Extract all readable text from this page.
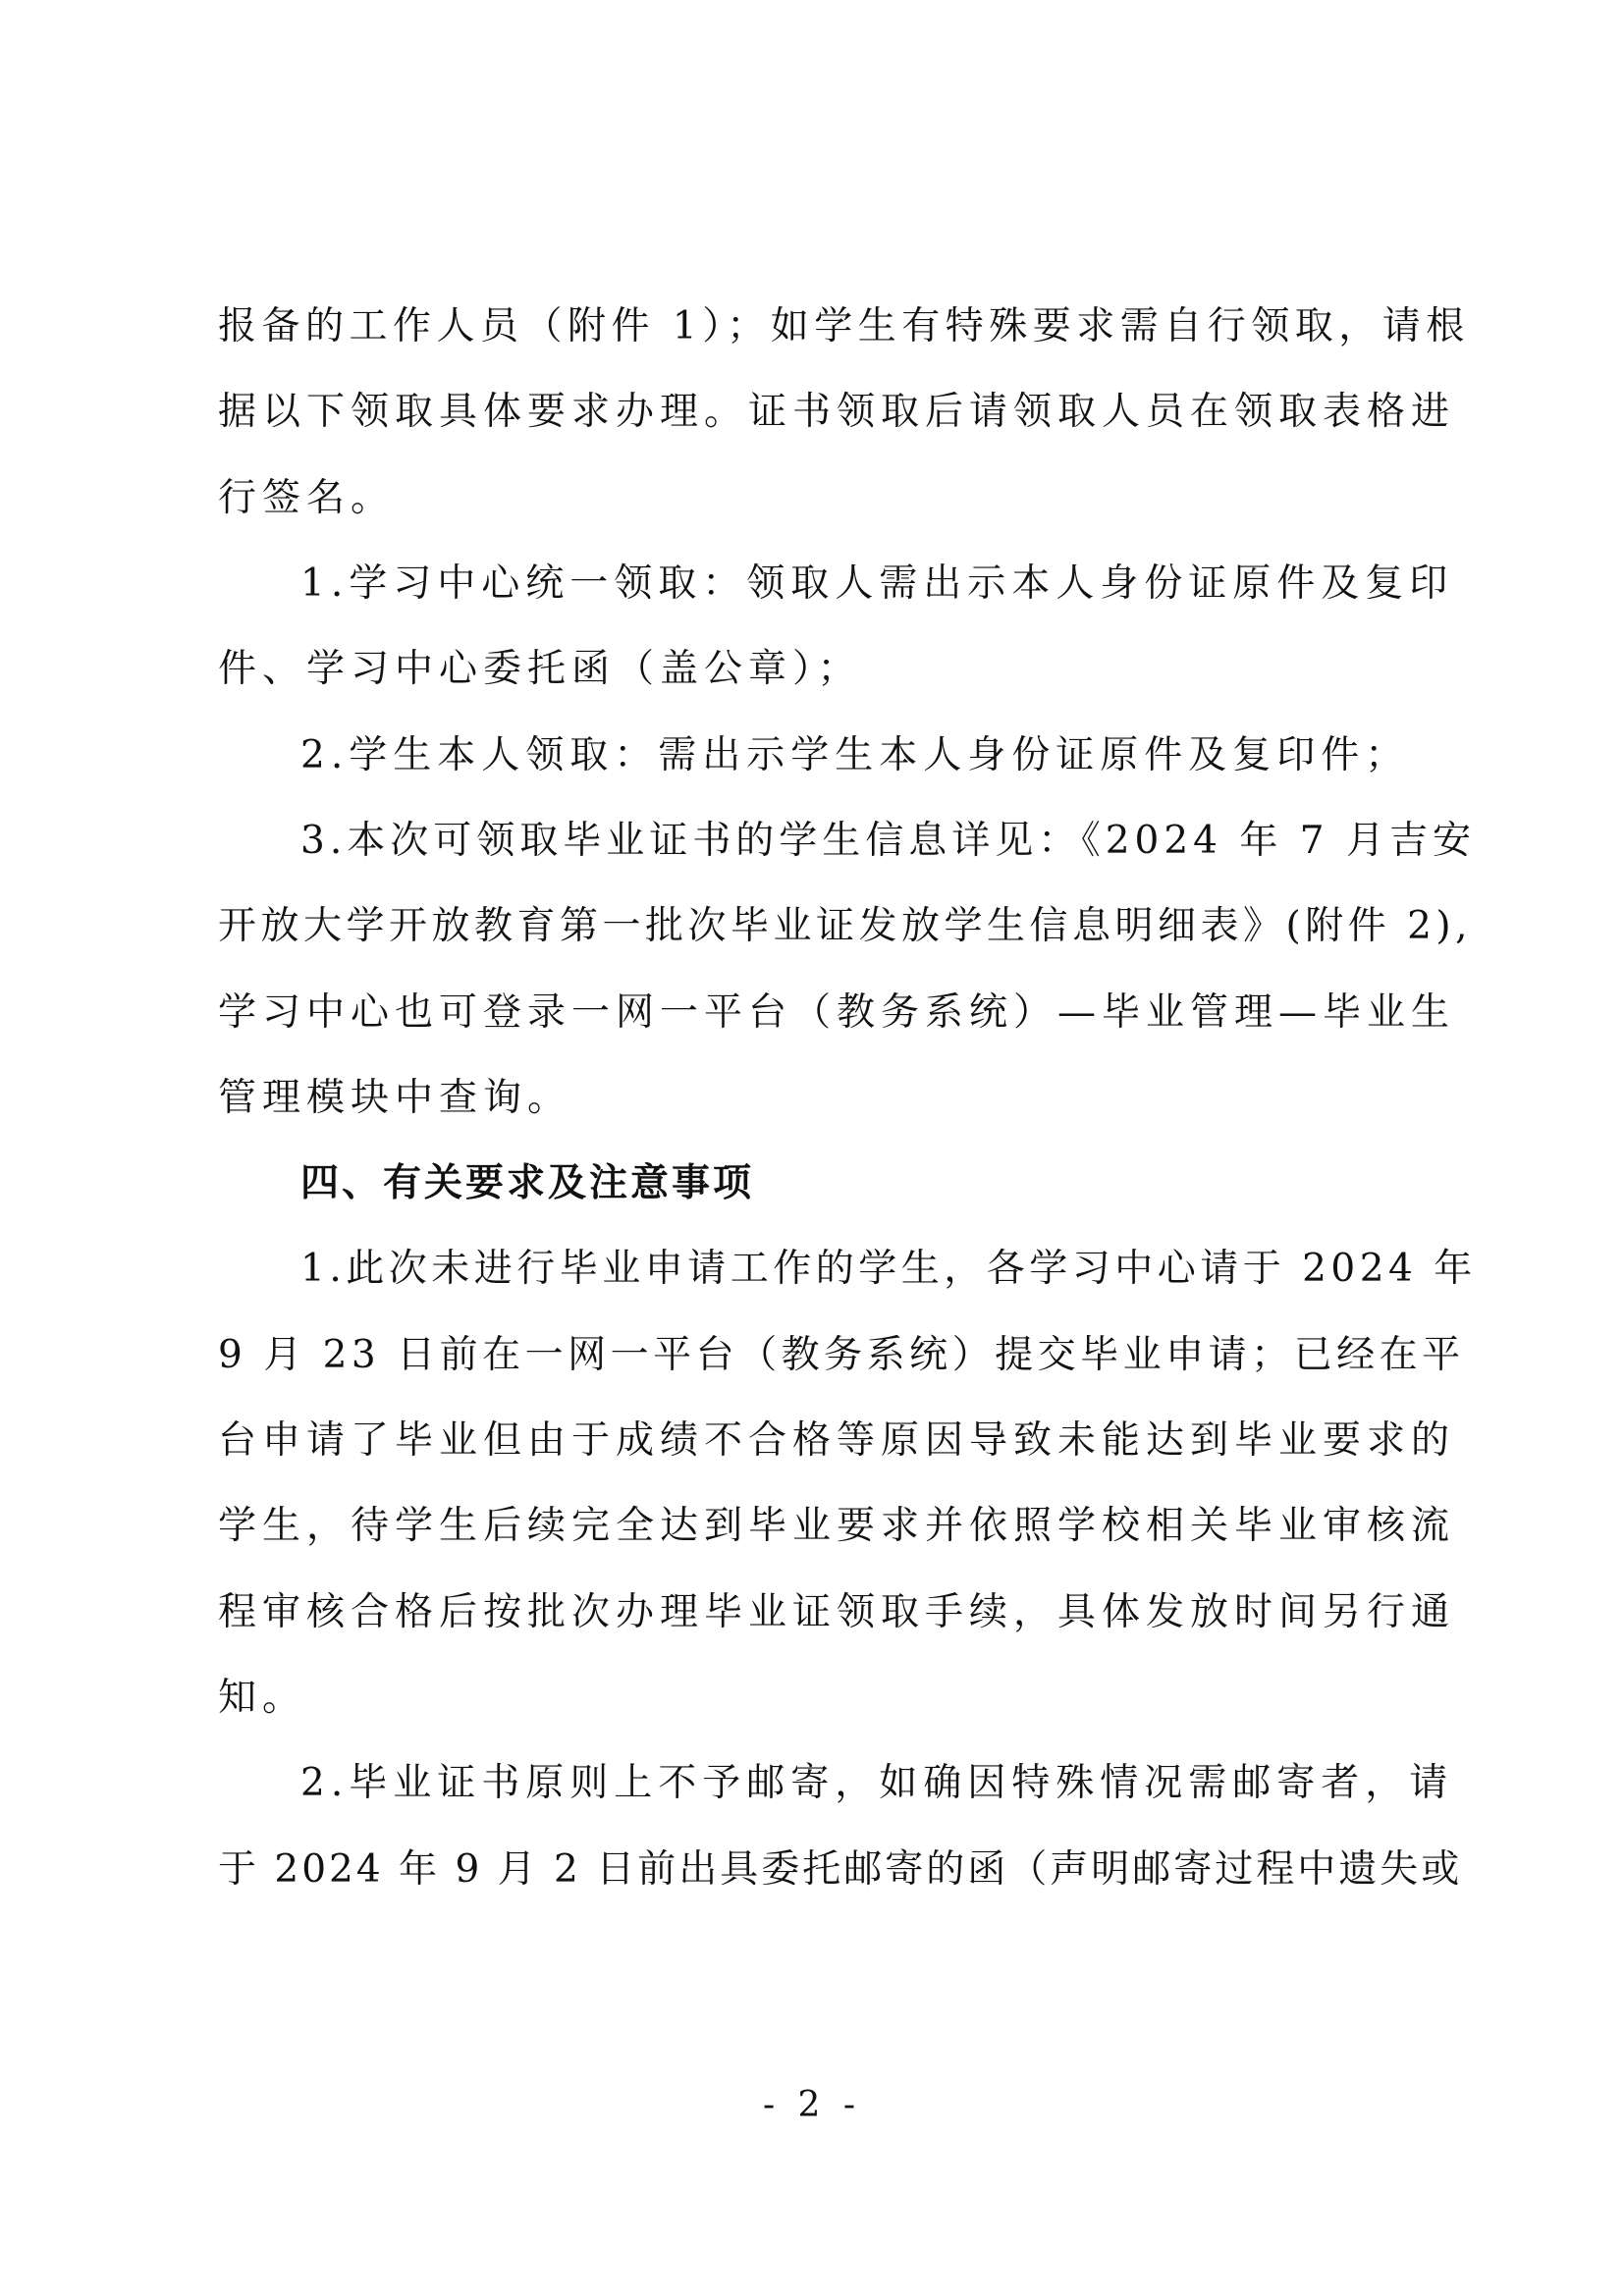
报备的工作人员（附件 1）；如学生有特殊要求需自行领取，请根
据以下领取具体要求办理。证书领取后请领取人员在领取表格进
行签名。
1.学习中心统一领取：领取人需出示本人身份证原件及复印
件、学习中心委托函（盖公章）；
2.学生本人领取：需出示学生本人身份证原件及复印件；
3.本次可领取毕业证书的学生信息详见：《2024 年 7 月吉安
开放大学开放教育第一批次毕业证发放学生信息明细表》(附件 2),
学习中心也可登录一网一平台（教务系统）—毕业管理—毕业生
管理模块中查询。
四、有关要求及注意事项
1.此次未进行毕业申请工作的学生，各学习中心请于 2024 年
9 月 23 日前在一网一平台（教务系统）提交毕业申请；已经在平
台申请了毕业但由于成绩不合格等原因导致未能达到毕业要求的
学生，待学生后续完全达到毕业要求并依照学校相关毕业审核流
程审核合格后按批次办理毕业证领取手续，具体发放时间另行通
知。
2.毕业证书原则上不予邮寄，如确因特殊情况需邮寄者，请
于 2024 年 9 月 2 日前出具委托邮寄的函（声明邮寄过程中遗失或
- 2 -
